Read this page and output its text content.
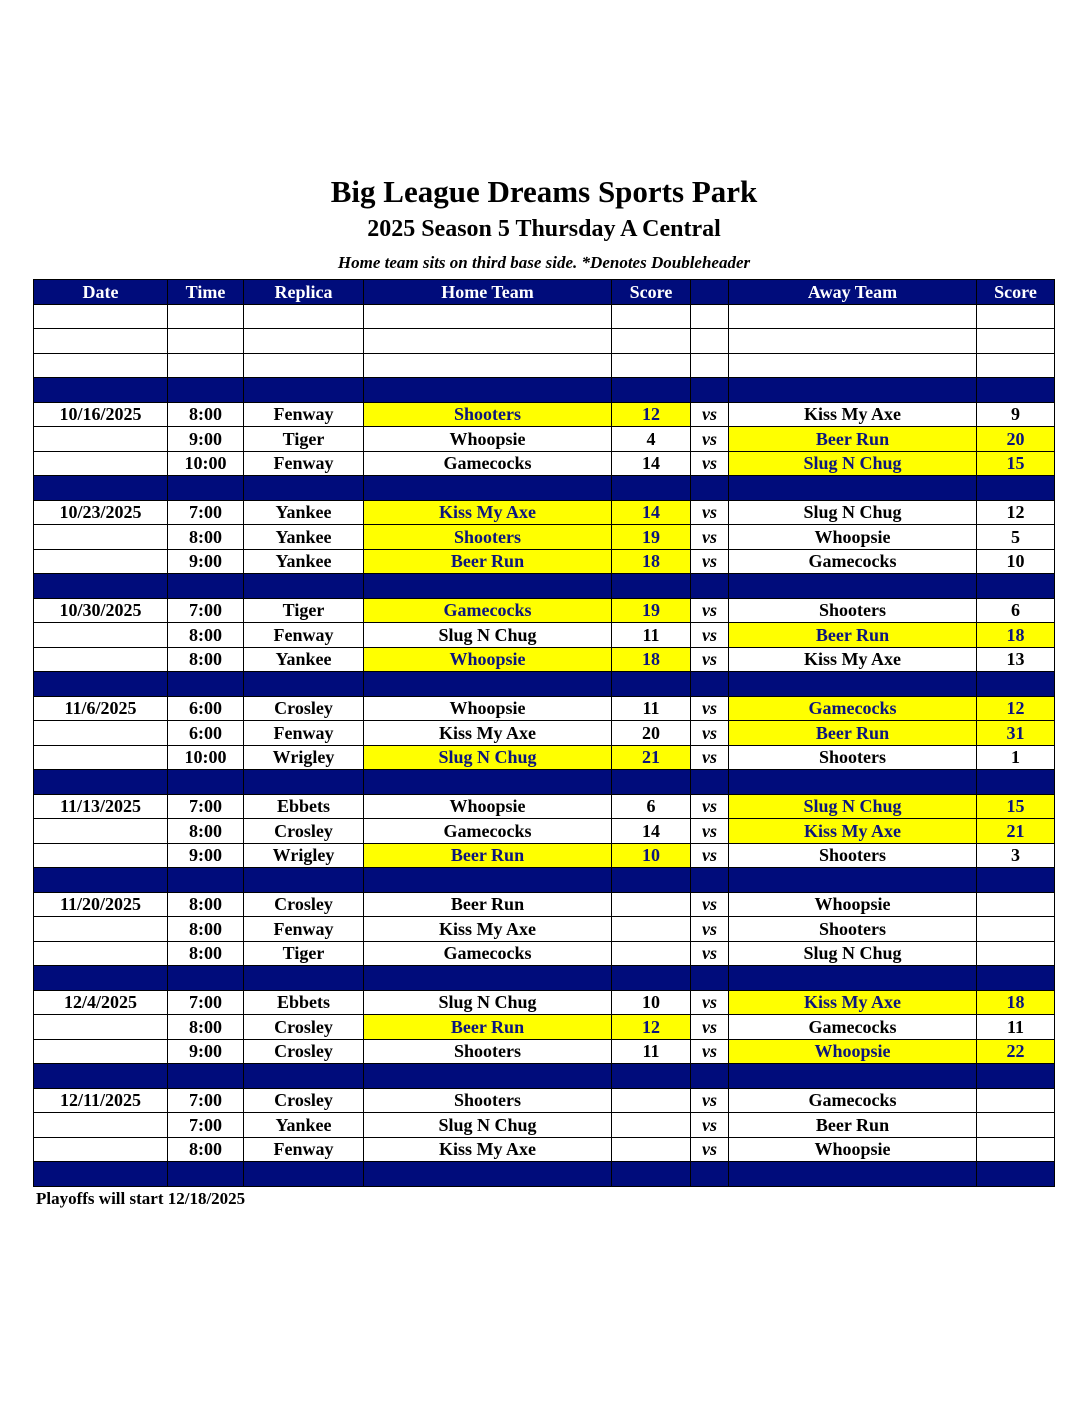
Big League Dreams Sports Park
2025 Season 5 Thursday A Central

Home team sits on third base side. *Denotes Doubleheader

Date	Time	Replica	Home Team	Score		Away Team	Score

10/16/2025	8:00	Fenway	Shooters	12	vs	Kiss My Axe	9
	9:00	Tiger	Whoopsie	4	vs	Beer Run	20
	10:00	Fenway	Gamecocks	14	vs	Slug N Chug	15

10/23/2025	7:00	Yankee	Kiss My Axe	14	vs	Slug N Chug	12
	8:00	Yankee	Shooters	19	vs	Whoopsie	5
	9:00	Yankee	Beer Run	18	vs	Gamecocks	10

10/30/2025	7:00	Tiger	Gamecocks	19	vs	Shooters	6
	8:00	Fenway	Slug N Chug	11	vs	Beer Run	18
	8:00	Yankee	Whoopsie	18	vs	Kiss My Axe	13

11/6/2025	6:00	Crosley	Whoopsie	11	vs	Gamecocks	12
	6:00	Fenway	Kiss My Axe	20	vs	Beer Run	31
	10:00	Wrigley	Slug N Chug	21	vs	Shooters	1

11/13/2025	7:00	Ebbets	Whoopsie	6	vs	Slug N Chug	15
	8:00	Crosley	Gamecocks	14	vs	Kiss My Axe	21
	9:00	Wrigley	Beer Run	10	vs	Shooters	3

11/20/2025	8:00	Crosley	Beer Run		vs	Whoopsie	
	8:00	Fenway	Kiss My Axe		vs	Shooters	
	8:00	Tiger	Gamecocks		vs	Slug N Chug	

12/4/2025	7:00	Ebbets	Slug N Chug	10	vs	Kiss My Axe	18
	8:00	Crosley	Beer Run	12	vs	Gamecocks	11
	9:00	Crosley	Shooters	11	vs	Whoopsie	22

12/11/2025	7:00	Crosley	Shooters		vs	Gamecocks	
	7:00	Yankee	Slug N Chug		vs	Beer Run	
	8:00	Fenway	Kiss My Axe		vs	Whoopsie	

Playoffs will start 12/18/2025
